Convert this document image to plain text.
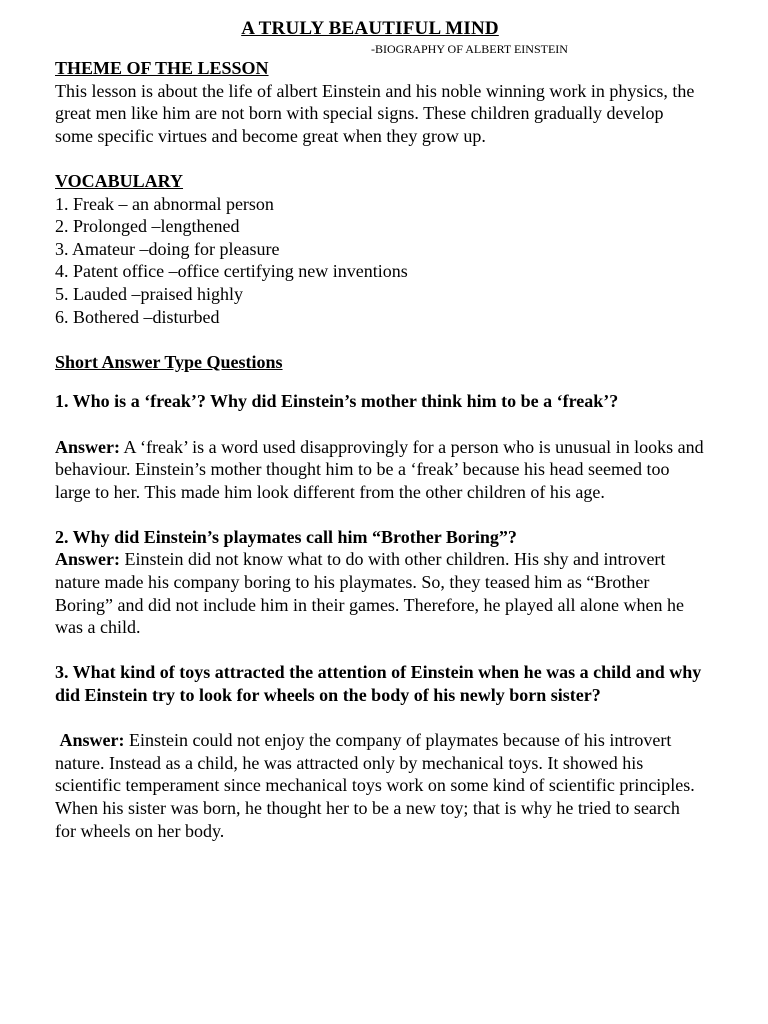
A TRULY BEAUTIFUL MIND
-BIOGRAPHY OF ALBERT EINSTEIN

THEME OF THE LESSON

This lesson is about the life of albert Einstein and his noble winning work in physics, the great men like him are not born with special signs. These children gradually develop some specific virtues and become great when they grow up.

VOCABULARY

1. Freak – an abnormal person
2. Prolonged –lengthened
3. Amateur –doing for pleasure
4. Patent office –office certifying new inventions
5. Lauded –praised highly
6. Bothered –disturbed

Short Answer Type Questions

1. Who is a ‘freak’? Why did Einstein’s mother think him to be a ‘freak’?

Answer: A ‘freak’ is a word used disapprovingly for a person who is unusual in looks and behaviour. Einstein’s mother thought him to be a ‘freak’ because his head seemed too large to her. This made him look different from the other children of his age.

2. Why did Einstein’s playmates call him “Brother Boring”?

Answer: Einstein did not know what to do with other children. His shy and introvert nature made his company boring to his playmates. So, they teased him as “Brother Boring” and did not include him in their games. Therefore, he played all alone when he was a child.

3. What kind of toys attracted the attention of Einstein when he was a child and why did Einstein try to look for wheels on the body of his newly born sister?

Answer: Einstein could not enjoy the company of playmates because of his introvert nature. Instead as a child, he was attracted only by mechanical toys. It showed his scientific temperament since mechanical toys work on some kind of scientific principles. When his sister was born, he thought her to be a new toy; that is why he tried to search for wheels on her body.
